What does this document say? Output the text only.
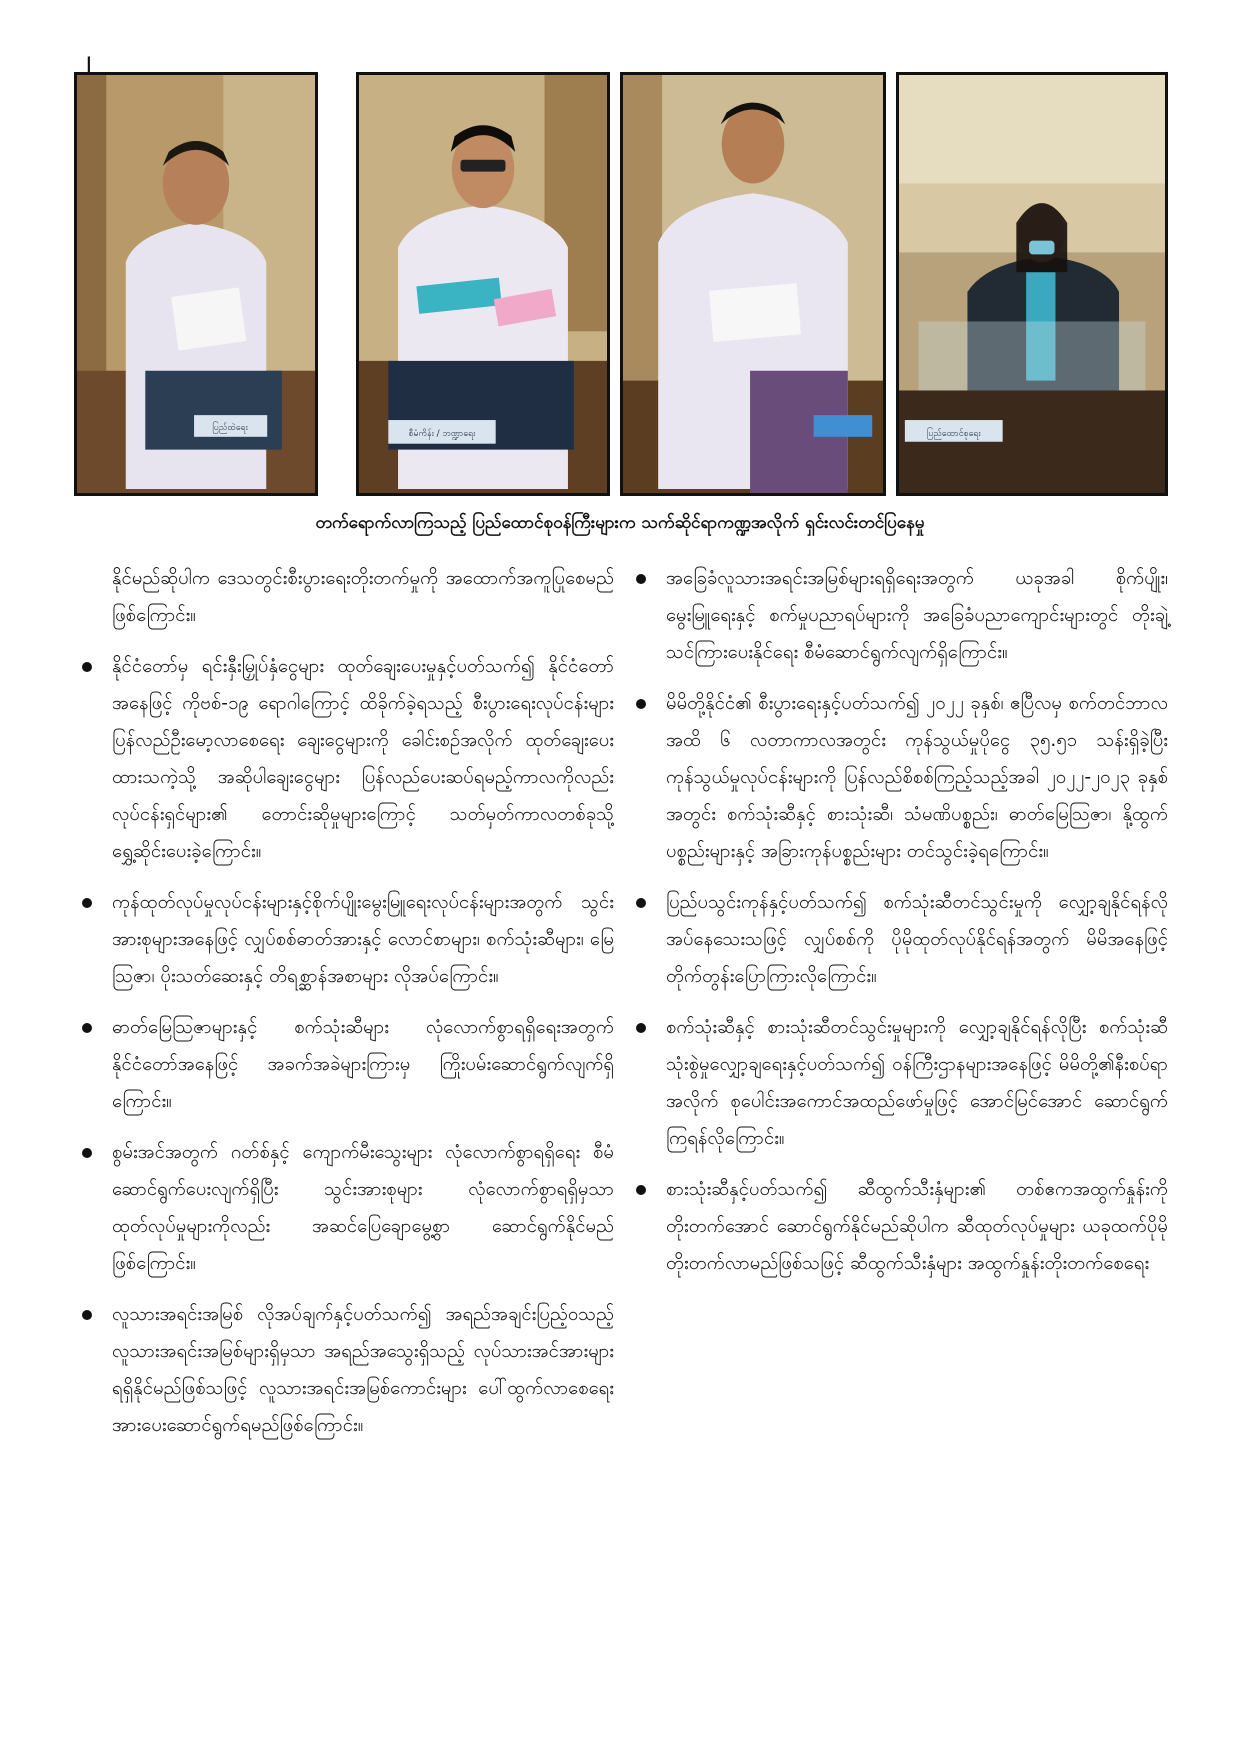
၂
ပြည်ထဲရေး
စီမံကိန်း / ဘဏ္ဍာရေး	ပြည်ထောင်စုရေး
တက်ရောက်လာကြသည့် ပြည်ထောင်စုဝန်ကြီးများက သက်ဆိုင်ရာကဏ္ဍအလိုက် ရှင်းလင်းတင်ပြနေမှု

နိုင်မည်ဆိုပါက ဒေသတွင်းစီးပွားရေးတိုးတက်မှုကို အထောက်အကူပြုစေမည်ဖြစ်ကြောင်း။

နိုင်ငံတော်မှ ရင်းနှီးမြှုပ်နှံငွေများ ထုတ်ချေးပေးမှုနှင့်ပတ်သက်၍ နိုင်ငံတော်အနေဖြင့် ကိုဗစ်-၁၉ ရောဂါကြောင့် ထိခိုက်ခဲ့ရသည့် စီးပွားရေးလုပ်ငန်းများ ပြန်လည်ဦးမော့လာစေရေး ချေးငွေများကို ခေါင်းစဉ်အလိုက် ထုတ်ချေးပေးထားသကဲ့သို့ အဆိုပါချေးငွေများ ပြန်လည်ပေးဆပ်ရမည့်ကာလကိုလည်း လုပ်ငန်းရှင်များ၏ တောင်းဆိုမှုများကြောင့် သတ်မှတ်ကာလတစ်ခုသို့ ရွှေ့ဆိုင်းပေးခဲ့ကြောင်း။

ကုန်ထုတ်လုပ်မှုလုပ်ငန်းများနှင့်စိုက်ပျိုးမွေးမြူရေးလုပ်ငန်းများအတွက် သွင်းအားစုများအနေဖြင့် လျှပ်စစ်ဓာတ်အားနှင့် လောင်စာများ၊ စက်သုံးဆီများ၊ မြေသြဇာ၊ ပိုးသတ်ဆေးနှင့် တိရစ္ဆာန်အစာများ လိုအပ်ကြောင်း။

ဓာတ်မြေသြဇာများနှင့် စက်သုံးဆီများ လုံလောက်စွာရရှိရေးအတွက် နိုင်ငံတော်အနေဖြင့် အခက်အခဲများကြားမှ ကြိုးပမ်းဆောင်ရွက်လျက်ရှိကြောင်း။

စွမ်းအင်အတွက် ဂတ်စ်နှင့် ကျောက်မီးသွေးများ လုံလောက်စွာရရှိရေး စီမံ ဆောင်ရွက်ပေးလျက်ရှိပြီး သွင်းအားစုများ လုံလောက်စွာရရှိမှသာ ထုတ်လုပ်မှုများကိုလည်း အဆင်ပြေချောမွေ့စွာ ဆောင်ရွက်နိုင်မည်ဖြစ်ကြောင်း။

လူသားအရင်းအမြစ် လိုအပ်ချက်နှင့်ပတ်သက်၍ အရည်အချင်းပြည့်ဝသည့် လူသားအရင်းအမြစ်များရှိမှသာ အရည်အသွေးရှိသည့် လုပ်သားအင်အားများ ရရှိနိုင်မည်ဖြစ်သဖြင့် လူသားအရင်းအမြစ်ကောင်းများ ပေါ်ထွက်လာစေရေး အားပေးဆောင်ရွက်ရမည်ဖြစ်ကြောင်း။

အခြေခံလူသားအရင်းအမြစ်များရရှိရေးအတွက် ယခုအခါ စိုက်ပျိုး၊ မွေးမြူရေးနှင့် စက်မှုပညာရပ်များကို အခြေခံပညာကျောင်းများတွင် တိုးချဲ့သင်ကြားပေးနိုင်ရေး စီမံဆောင်ရွက်လျက်ရှိကြောင်း။

မိမိတို့နိုင်ငံ၏ စီးပွားရေးနှင့်ပတ်သက်၍ ၂၀၂၂ ခုနှစ်၊ ဧပြီလမှ စက်တင်ဘာလအထိ ၆ လတာကာလအတွင်း ကုန်သွယ်မှုပိုငွေ ၃၅.၅၁ သန်းရှိခဲ့ပြီး ကုန်သွယ်မှုလုပ်ငန်းများကို ပြန်လည်စိစစ်ကြည့်သည့်အခါ ၂၀၂၂-၂၀၂၃ ခုနှစ်အတွင်း စက်သုံးဆီနှင့် စားသုံးဆီ၊ သံမဏိပစ္စည်း၊ ဓာတ်မြေသြဇာ၊ နို့ထွက်ပစ္စည်းများနှင့် အခြားကုန်ပစ္စည်းများ တင်သွင်းခဲ့ရကြောင်း။

ပြည်ပသွင်းကုန်နှင့်ပတ်သက်၍ စက်သုံးဆီတင်သွင်းမှုကို လျှော့ချနိုင်ရန်လိုအပ်နေသေးသဖြင့် လျှပ်စစ်ကို ပိုမိုထုတ်လုပ်နိုင်ရန်အတွက် မိမိအနေဖြင့် တိုက်တွန်းပြောကြားလိုကြောင်း။

စက်သုံးဆီနှင့် စားသုံးဆီတင်သွင်းမှုများကို လျှော့ချနိုင်ရန်လိုပြီး စက်သုံးဆီသုံးစွဲမှုလျှော့ချရေးနှင့်ပတ်သက်၍ ဝန်ကြီးဌာနများအနေဖြင့် မိမိတို့၏နီးစပ်ရာအလိုက် စုပေါင်းအကောင်အထည်ဖော်မှုဖြင့် အောင်မြင်အောင် ဆောင်ရွက်ကြရန်လိုကြောင်း။

စားသုံးဆီနှင့်ပတ်သက်၍ ဆီထွက်သီးနှံများ၏ တစ်ဧကအထွက်နှုန်းကို တိုးတက်အောင် ဆောင်ရွက်နိုင်မည်ဆိုပါက ဆီထုတ်လုပ်မှုများ ယခုထက်ပိုမိုတိုးတက်လာမည်ဖြစ်သဖြင့် ဆီထွက်သီးနှံများ အထွက်နှုန်းတိုးတက်စေရေး
